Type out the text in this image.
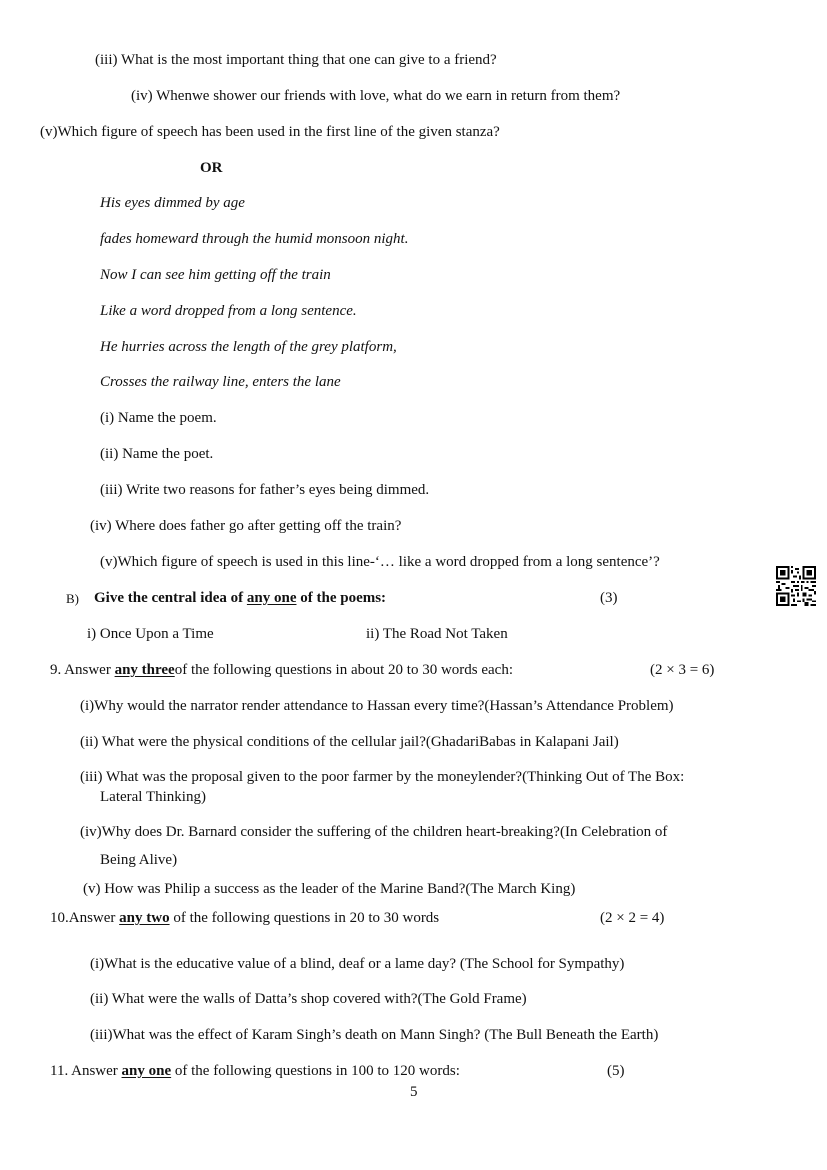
(iii) What is the most important thing that one can give to a friend?
(iv) Whenwe shower our friends with love, what do we earn in return from them?
(v)Which figure of speech has been used in the first line of the given stanza?
OR
His eyes dimmed by age
fades homeward through the humid monsoon night.
Now I can see him getting off the train
Like a word dropped from a long sentence.
He hurries across the length of the grey platform,
Crosses the railway line, enters the lane
(i) Name the poem.
(ii) Name the poet.
(iii) Write two reasons for father’s eyes being dimmed.
(iv) Where does father go after getting off the train?
(v)Which figure of speech is used in this line-‘… like a word dropped from a long sentence’?
B) Give the central idea of any one of the poems:	(3)
i) Once Upon a Time	ii) The Road Not Taken
9. Answer any threeof the following questions in about 20 to 30 words each:	(2 × 3 = 6)
(i)Why would the narrator render attendance to Hassan every time?(Hassan’s Attendance Problem)
(ii) What were the physical conditions of the cellular jail?(GhadariBabas in Kalapani Jail)
(iii) What was the proposal given to the poor farmer by the moneylender?(Thinking Out of The Box:
Lateral Thinking)
(iv)Why does Dr. Barnard consider the suffering of the children heart-breaking?(In Celebration of
Being Alive)
(v) How was Philip a success as the leader of the Marine Band?(The March King)
10.Answer any two of the following questions in 20 to 30 words	(2 × 2 = 4)
(i)What is the educative value of a blind, deaf or a lame day? (The School for Sympathy)
(ii) What were the walls of Datta’s shop covered with?(The Gold Frame)
(iii)What was the effect of Karam Singh’s death on Mann Singh? (The Bull Beneath the Earth)
11. Answer any one of the following questions in 100 to 120 words:	(5)
5
